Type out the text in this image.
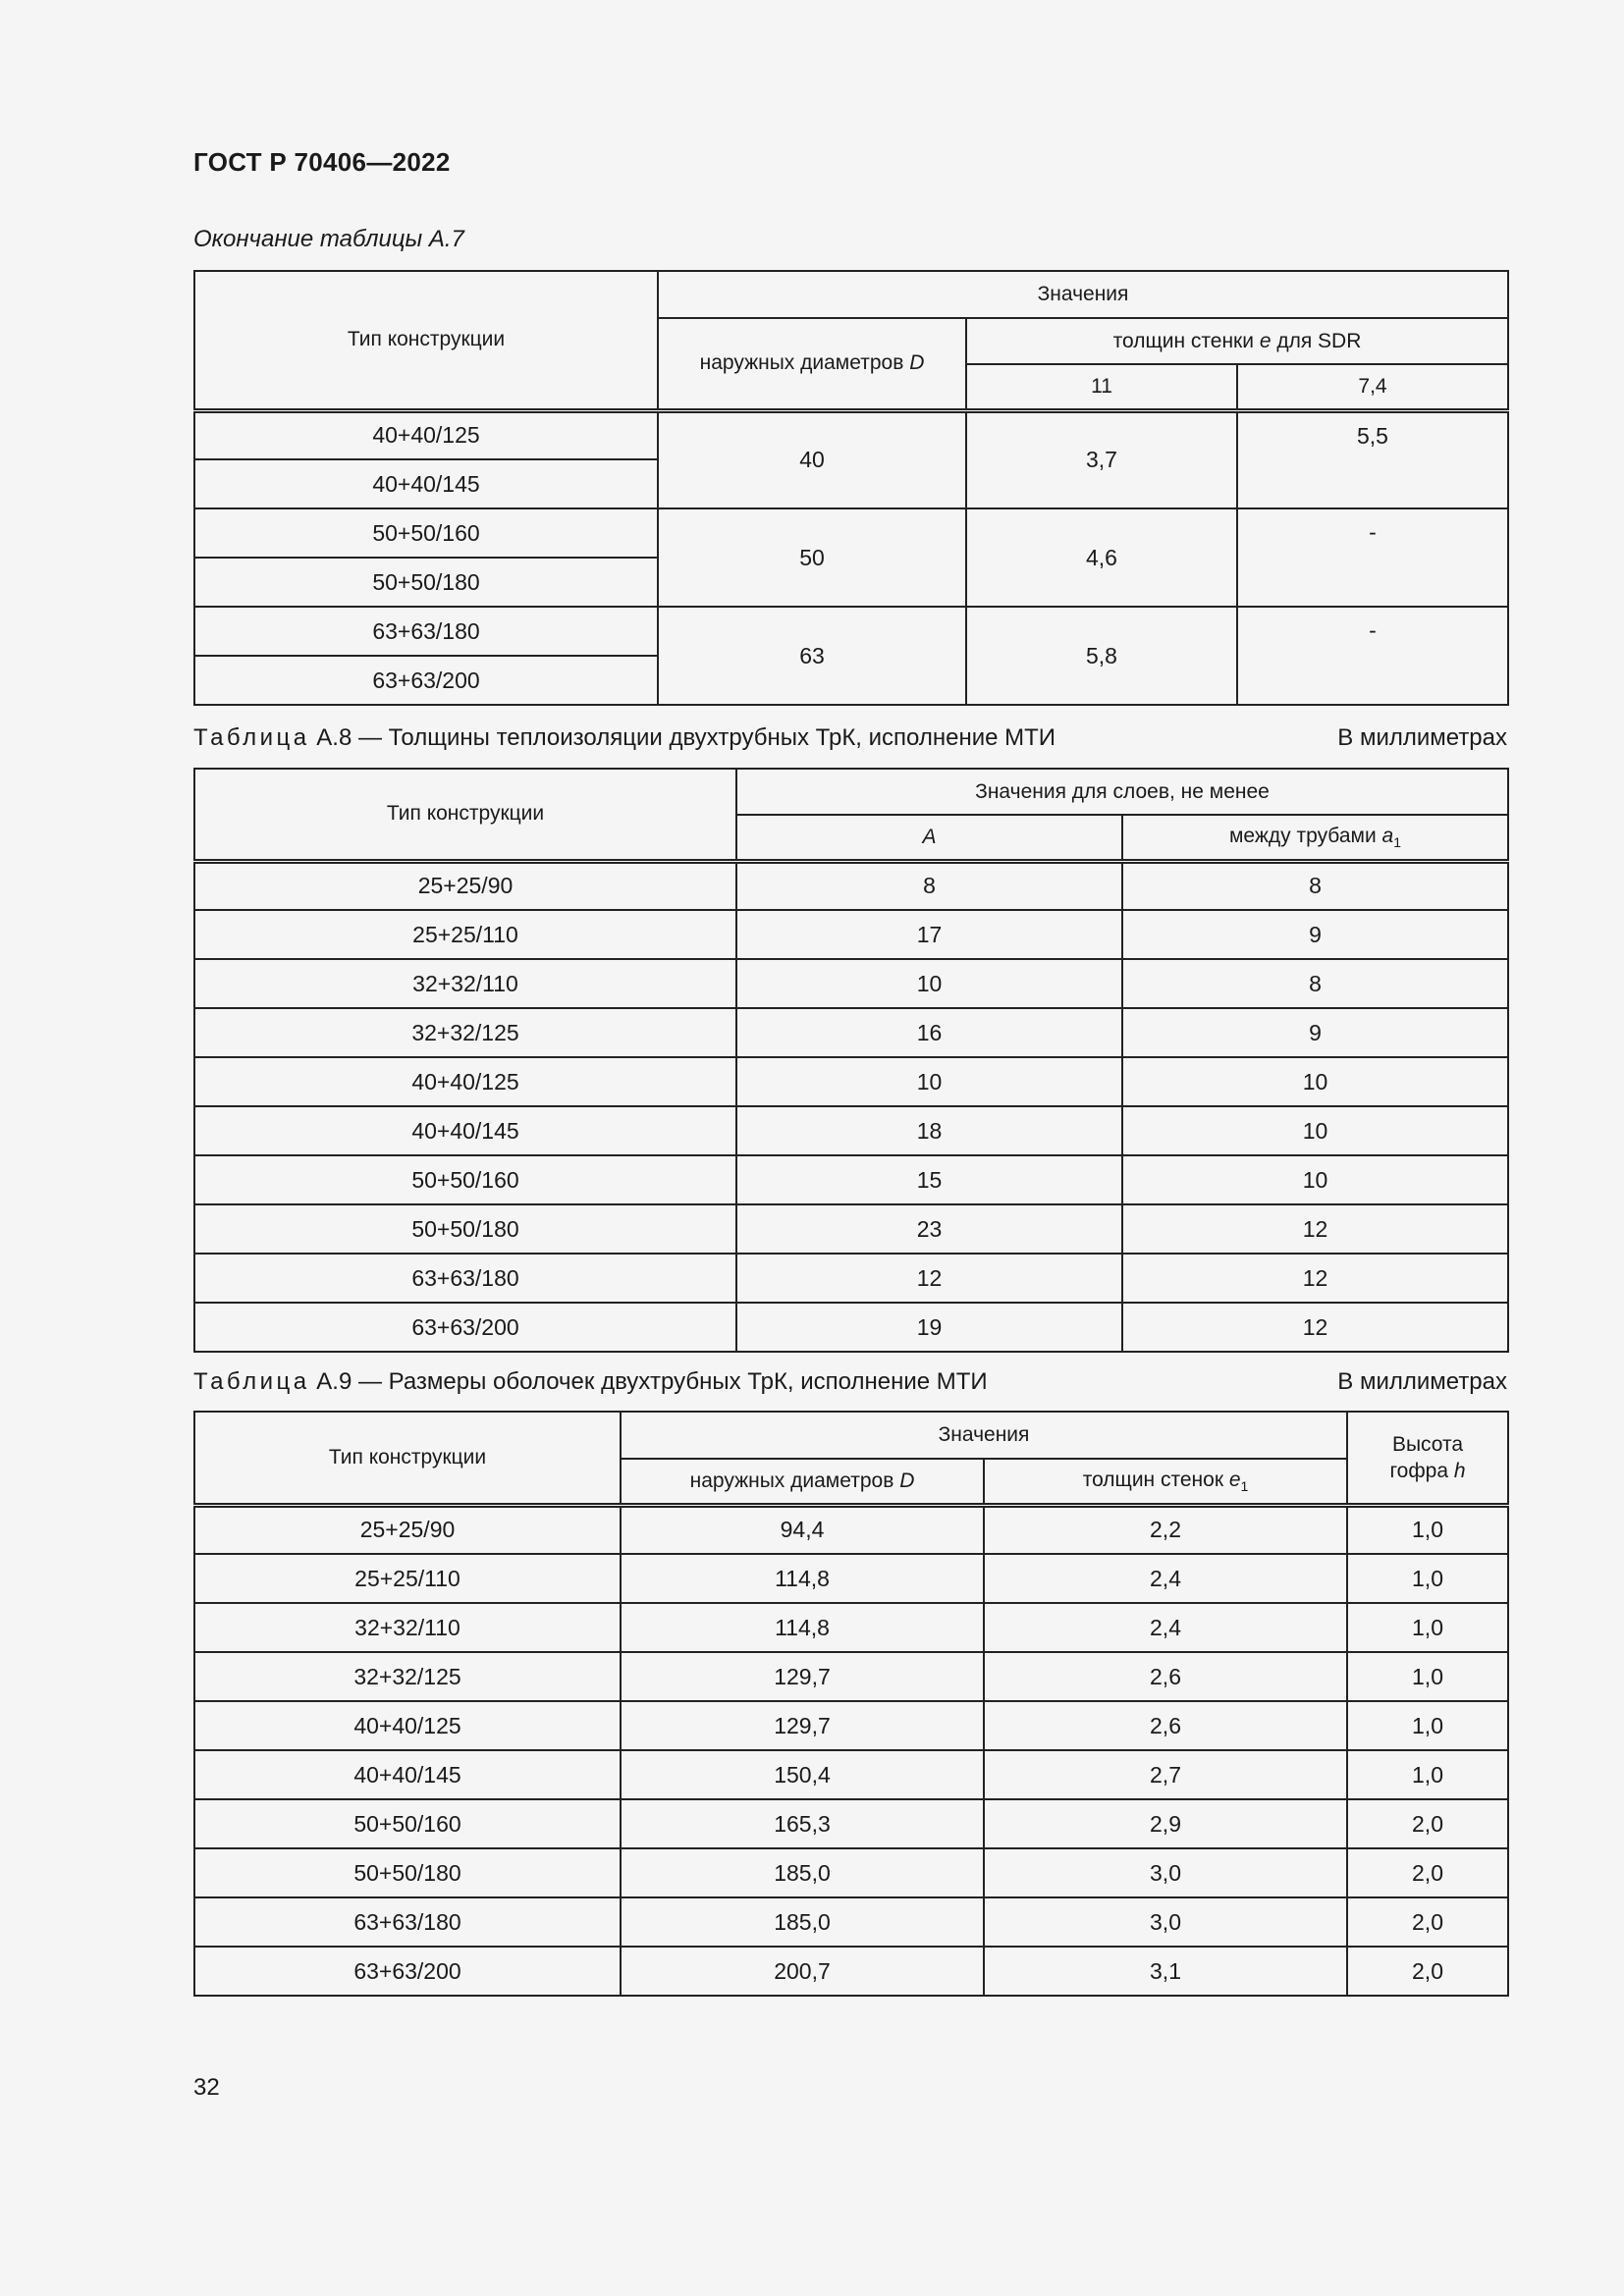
ГОСТ Р 70406—2022
Окончание таблицы А.7
Тип конструкции	Значения		
	наружных диаметров D	толщин стенки e для SDR	
		11	7,4
40+40/125	40	3,7	5,5
40+40/145			
50+50/160	50	4,6	-
50+50/180			
63+63/180	63	5,8	-
63+63/200			
Таблица А.8 — Толщины теплоизоляции двухтрубных ТрК, исполнение МТИ	В миллиметрах
Тип конструкции	Значения для слоев, не менее	
	A	между трубами $a_1$
25+25/90	8	8
25+25/110	17	9
32+32/110	10	8
32+32/125	16	9
40+40/125	10	10
40+40/145	18	10
50+50/160	15	10
50+50/180	23	12
63+63/180	12	12
63+63/200	19	12
Таблица А.9 — Размеры оболочек двухтрубных ТрК, исполнение МТИ	В миллиметрах
Тип конструкции	Значения		Высота
гофра h
	наружных диаметров D	толщин стенок $e_1$
25+25/90	94,4	2,2	1,0
25+25/110	114,8	2,4	1,0
32+32/110	114,8	2,4	1,0
32+32/125	129,7	2,6	1,0
40+40/125	129,7	2,6	1,0
40+40/145	150,4	2,7	1,0
50+50/160	165,3	2,9	2,0
50+50/180	185,0	3,0	2,0
63+63/180	185,0	3,0	2,0
63+63/200	200,7	3,1	2,0
32
